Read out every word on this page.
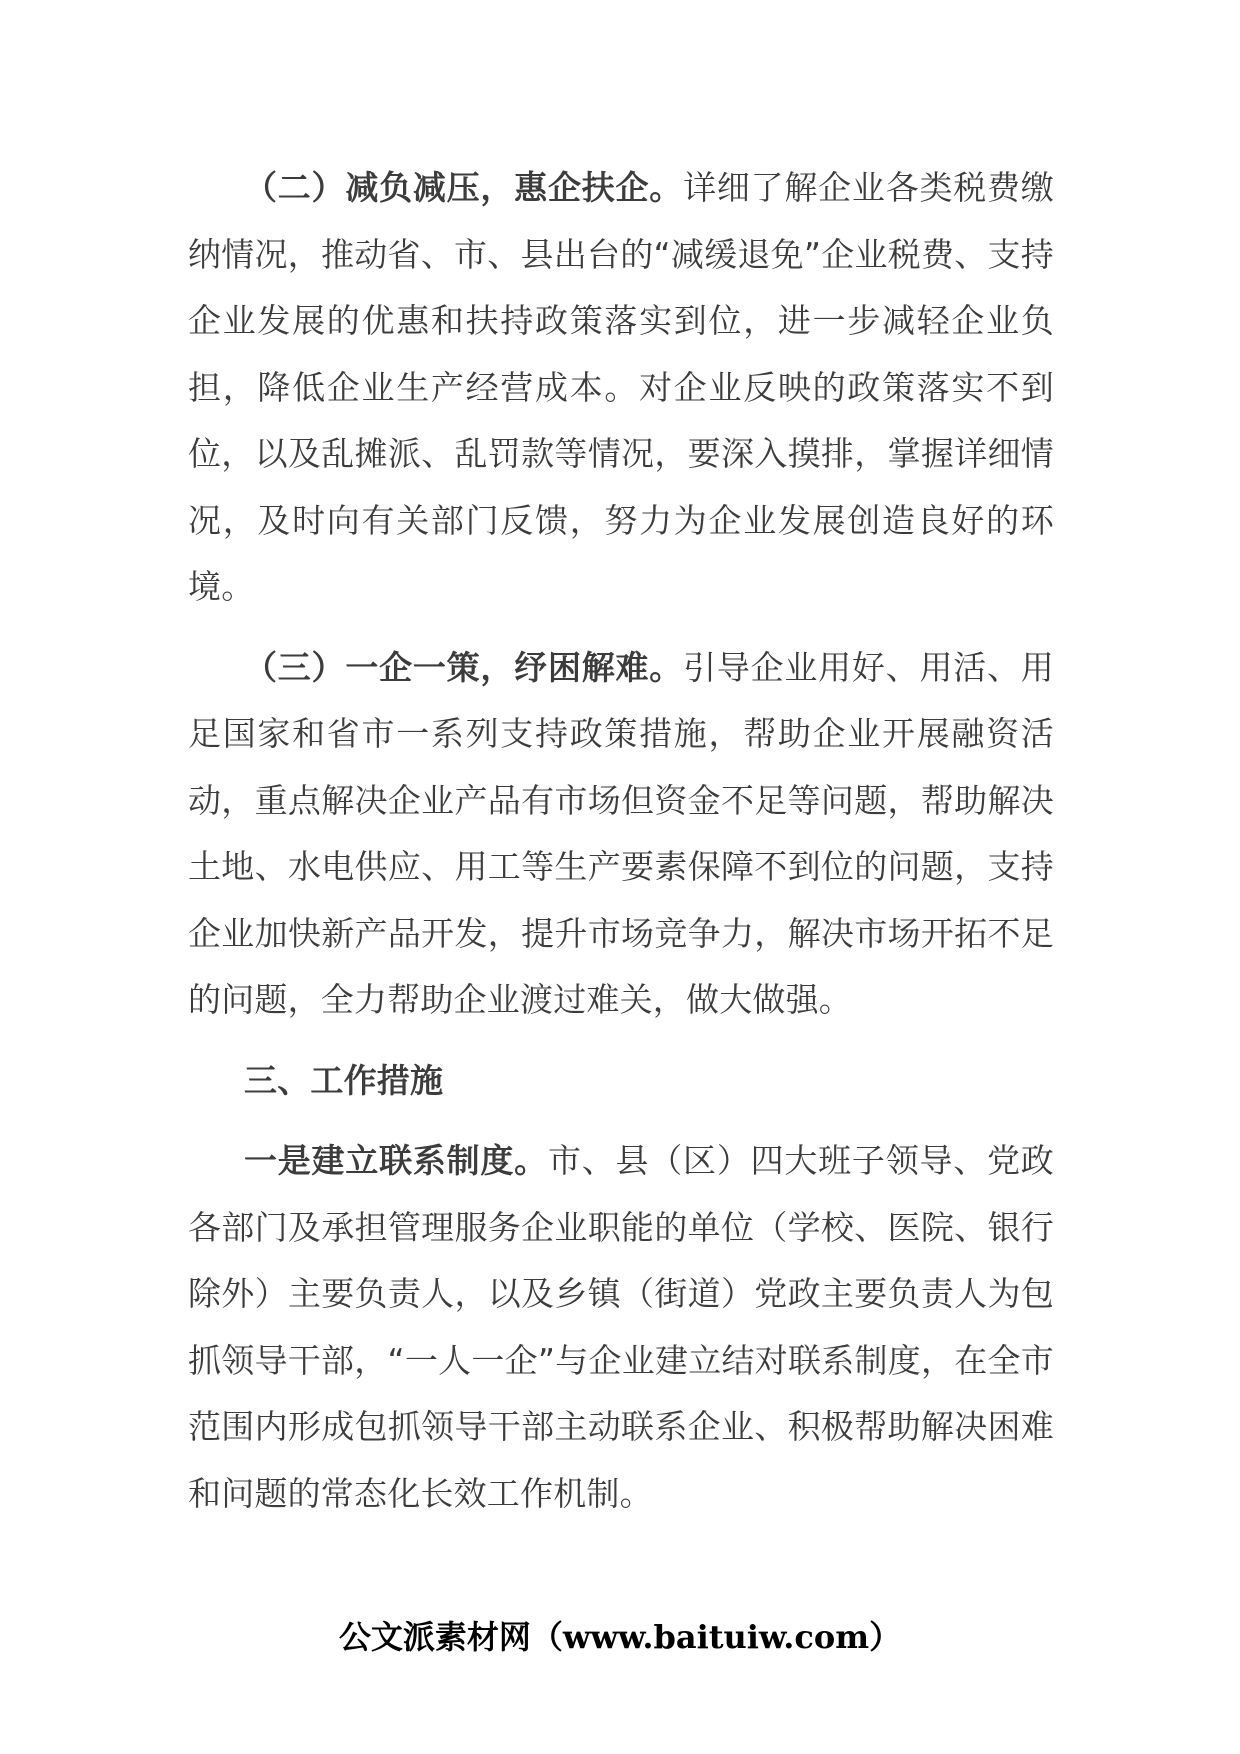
（二）减负减压，惠企扶企。详细了解企业各类税费缴纳情况，推动省、市、县出台的“减缓退免”企业税费、支持企业发展的优惠和扶持政策落实到位，进一步减轻企业负担，降低企业生产经营成本。对企业反映的政策落实不到位，以及乱摊派、乱罚款等情况，要深入摸排，掌握详细情况，及时向有关部门反馈，努力为企业发展创造良好的环境。

（三）一企一策，纾困解难。引导企业用好、用活、用足国家和省市一系列支持政策措施，帮助企业开展融资活动，重点解决企业产品有市场但资金不足等问题，帮助解决土地、水电供应、用工等生产要素保障不到位的问题，支持企业加快新产品开发，提升市场竞争力，解决市场开拓不足的问题，全力帮助企业渡过难关，做大做强。

三、工作措施

一是建立联系制度。市、县（区）四大班子领导、党政各部门及承担管理服务企业职能的单位（学校、医院、银行除外）主要负责人，以及乡镇（街道）党政主要负责人为包抓领导干部，“一人一企”与企业建立结对联系制度，在全市范围内形成包抓领导干部主动联系企业、积极帮助解决困难和问题的常态化长效工作机制。

公文派素材网（www.baituiw.com）
